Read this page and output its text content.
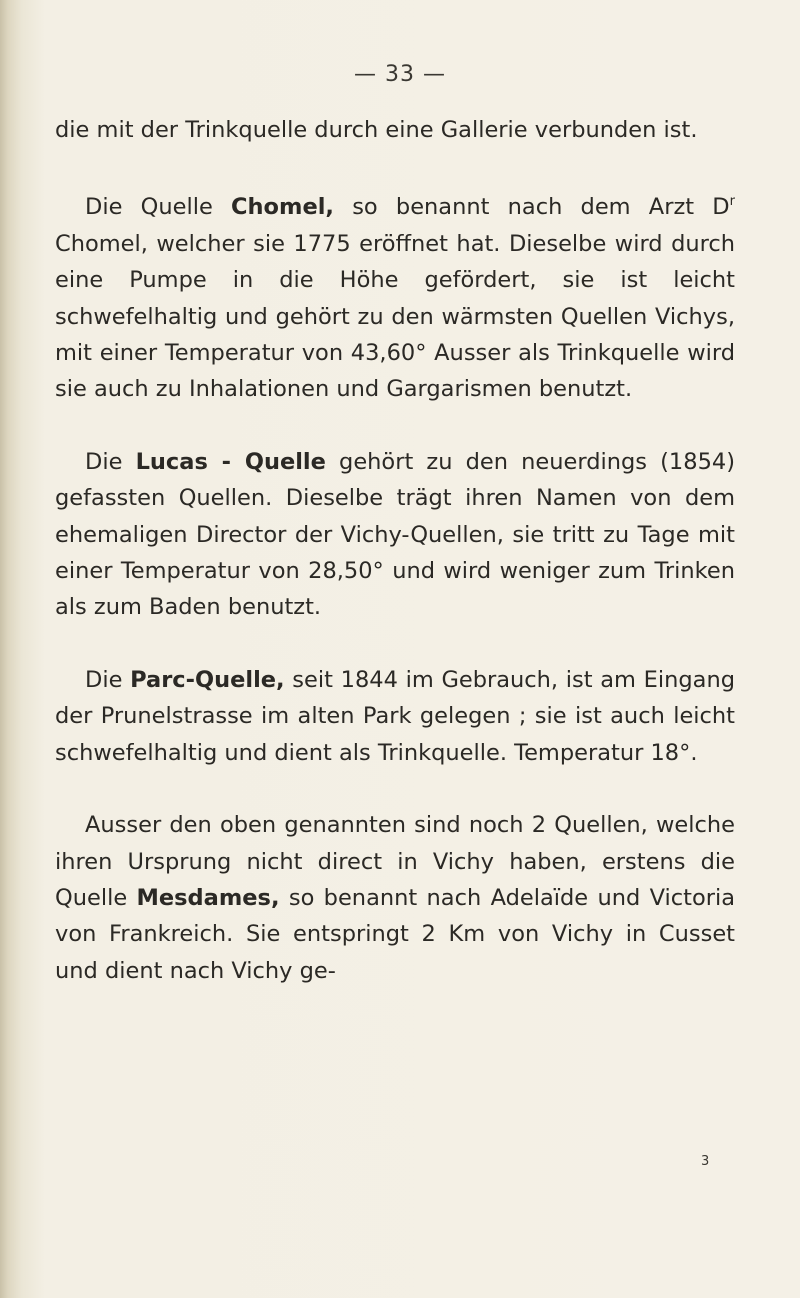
— 33 —

die mit der Trinkquelle durch eine Gallerie verbunden ist.

Die Quelle Chomel, so benannt nach dem Arzt $D^r$ Chomel, welcher sie 1775 eröffnet hat. Dieselbe wird durch eine Pumpe in die Höhe gefördert, sie ist leicht schwefelhaltig und gehört zu den wärmsten Quellen Vichys, mit einer Temperatur von 43,60° Ausser als Trinkquelle wird sie auch zu Inhalationen und Gargarismen benutzt.

Die Lucas - Quelle gehört zu den neuerdings (1854) gefassten Quellen. Dieselbe trägt ihren Namen von dem ehemaligen Director der Vichy-Quellen, sie tritt zu Tage mit einer Temperatur von 28,50° und wird weniger zum Trinken als zum Baden benutzt.

Die Parc-Quelle, seit 1844 im Gebrauch, ist am Eingang der Prunelstrasse im alten Park gelegen ; sie ist auch leicht schwefelhaltig und dient als Trinkquelle. Temperatur 18°.

Ausser den oben genannten sind noch 2 Quellen, welche ihren Ursprung nicht direct in Vichy haben, erstens die Quelle Mesdames, so benannt nach Adelaïde und Victoria von Frankreich. Sie entspringt 2 Km von Vichy in Cusset und dient nach Vichy ge-

3
